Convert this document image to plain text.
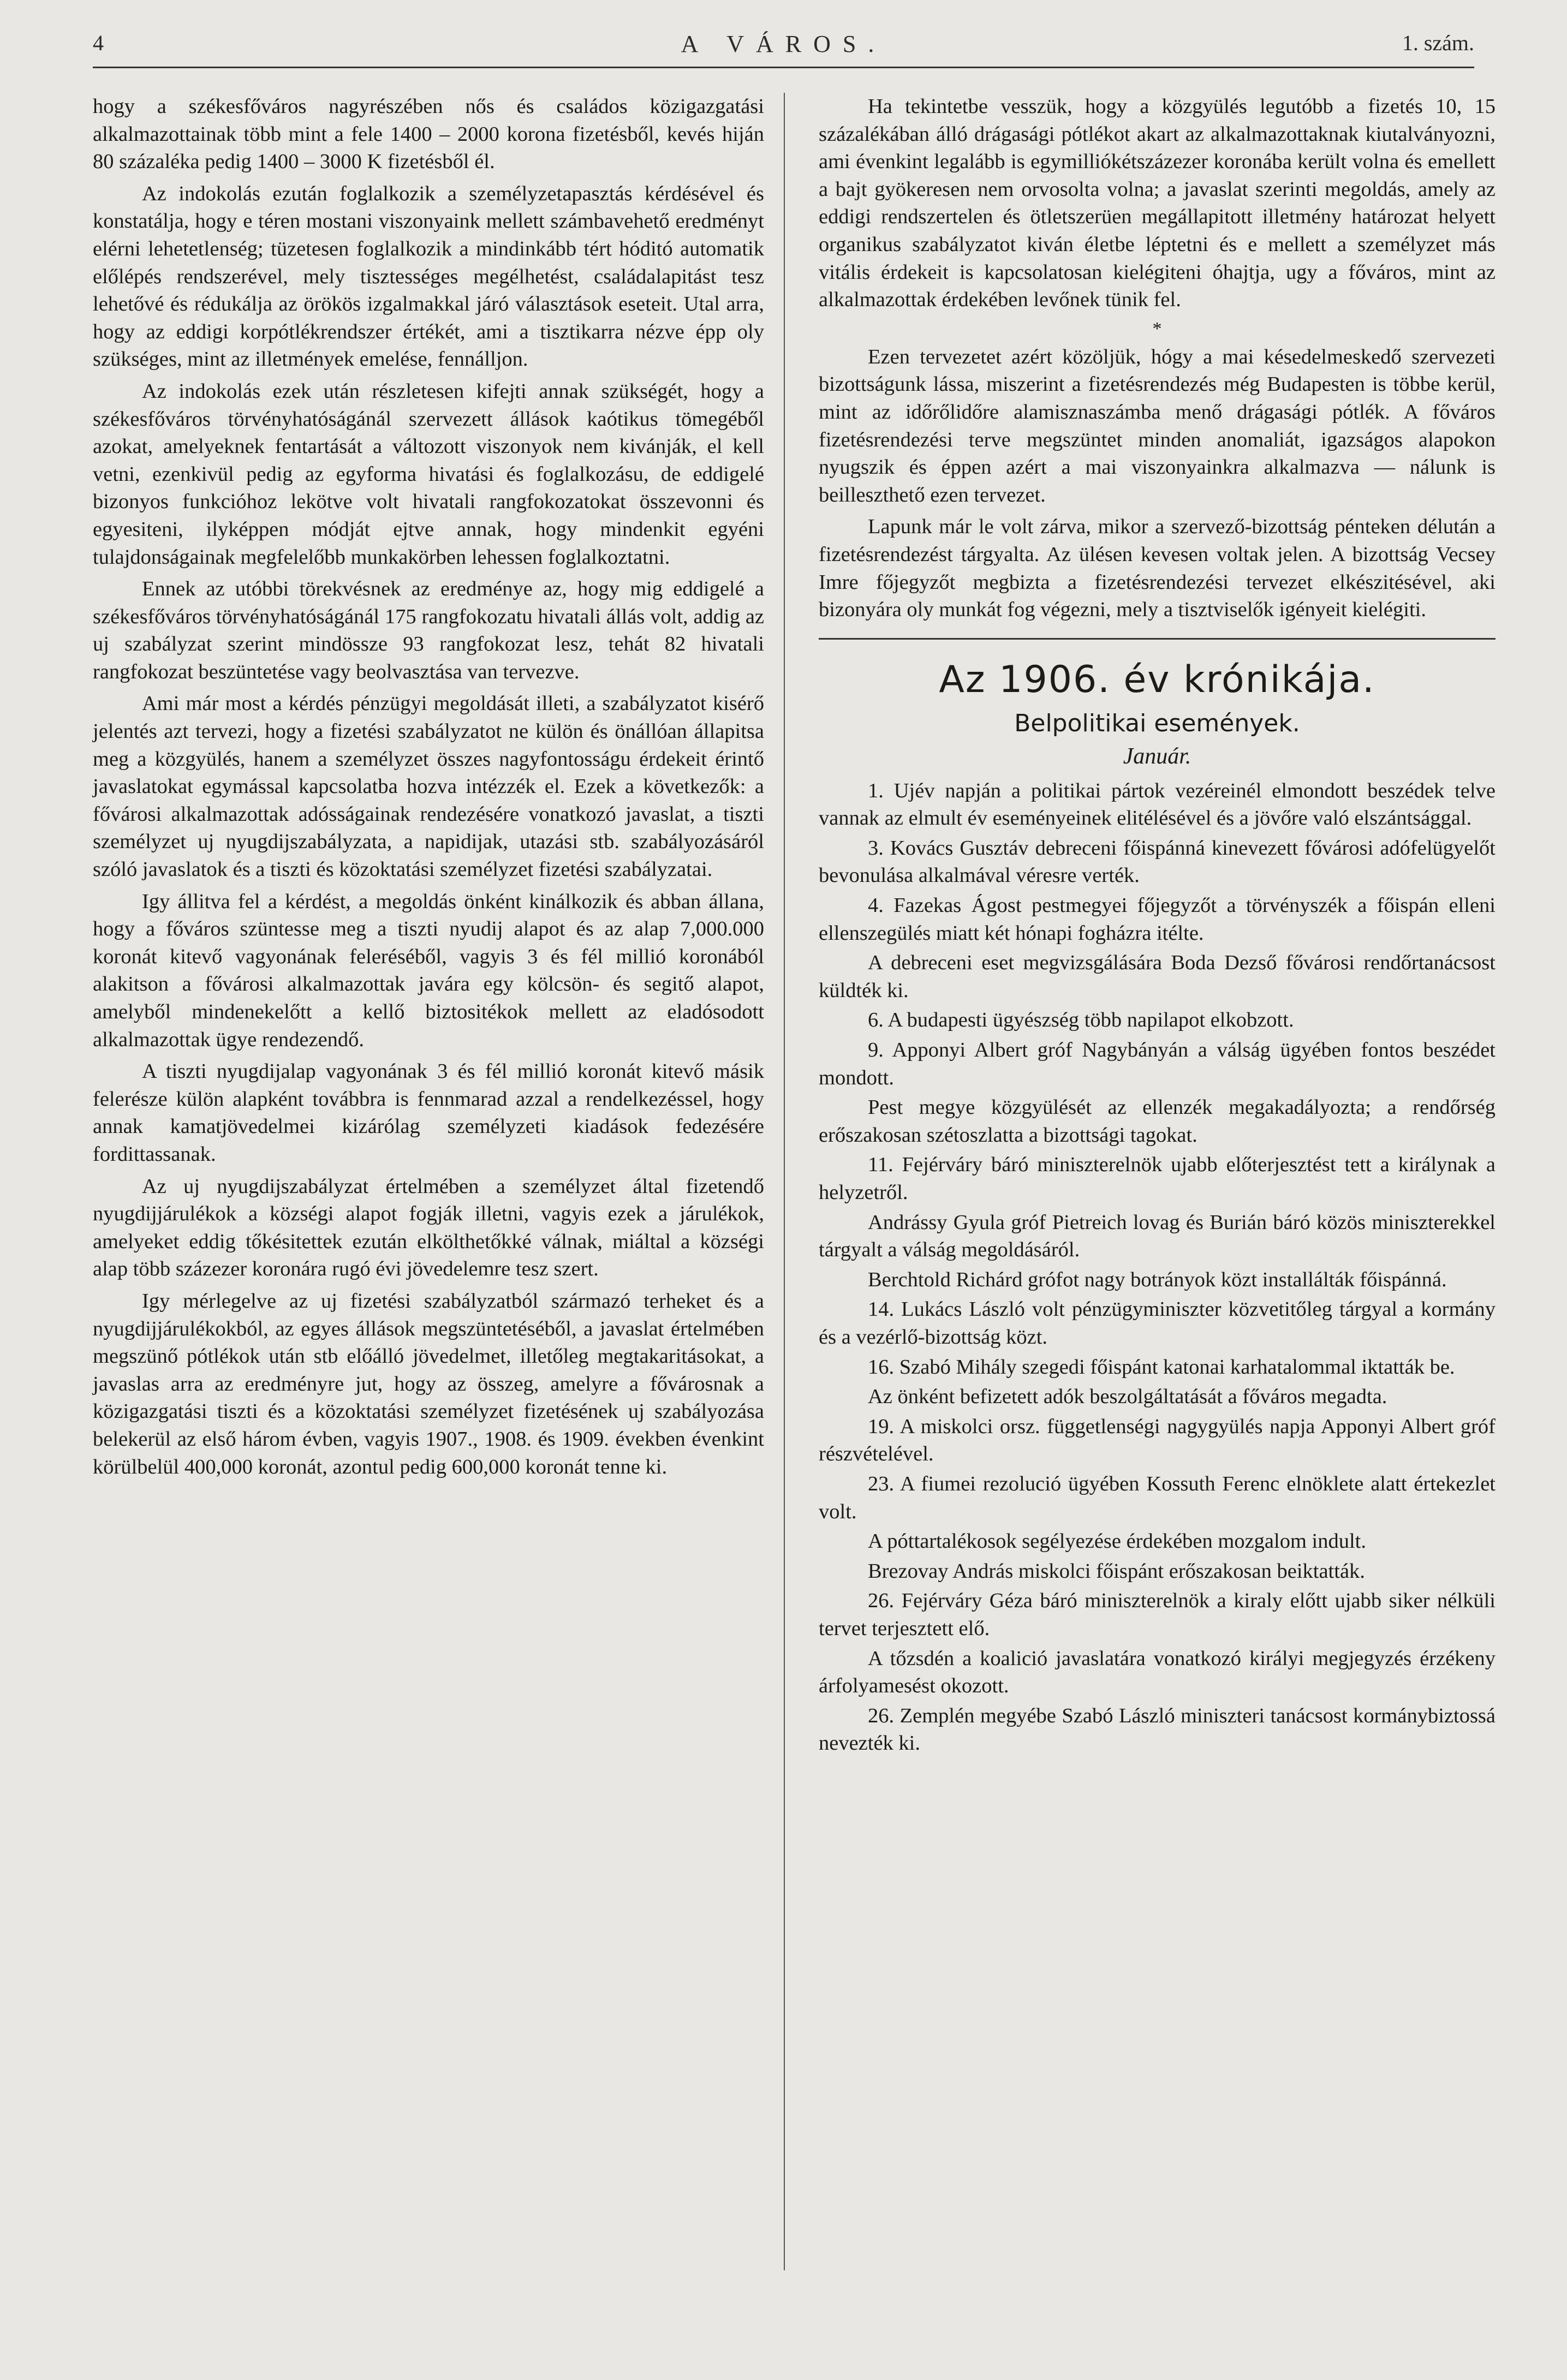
4	A VÁROS.	1. szám.

hogy a székesfőváros nagyrészében nős és családos közigazgatási alkalmazottainak több mint a fele 1400 – 2000 korona fizetésből, kevés hiján 80 százaléka pedig 1400 – 3000 K fizetésből él.

Az indokolás ezután foglalkozik a személyzetapasztás kérdésével és konstatálja, hogy e téren mostani viszonyaink mellett számbavehető eredményt elérni lehetetlenség; tüzetesen foglalkozik a mindinkább tért hóditó automatik előlépés rendszerével, mely tisztességes megélhetést, családalapitást tesz lehetővé és rédukálja az örökös izgalmakkal járó választások eseteit. Utal arra, hogy az eddigi korpótlékrendszer értékét, ami a tisztikarra nézve épp oly szükséges, mint az illetmények emelése, fennálljon.

Az indokolás ezek után részletesen kifejti annak szükségét, hogy a székesfőváros törvényhatóságánál szervezett állások kaótikus tömegéből azokat, amelyeknek fentartását a változott viszonyok nem kivánják, el kell vetni, ezenkivül pedig az egyforma hivatási és foglalkozásu, de eddigelé bizonyos funkcióhoz lekötve volt hivatali rangfokozatokat összevonni és egyesiteni, ilyképpen módját ejtve annak, hogy mindenkit egyéni tulajdonságainak megfelelőbb munkakörben lehessen foglalkoztatni.

Ennek az utóbbi törekvésnek az eredménye az, hogy mig eddigelé a székesfőváros törvényhatóságánál 175 rangfokozatu hivatali állás volt, addig az uj szabályzat szerint mindössze 93 rangfokozat lesz, tehát 82 hivatali rangfokozat beszüntetése vagy beolvasztása van tervezve.

Ami már most a kérdés pénzügyi megoldását illeti, a szabályzatot kisérő jelentés azt tervezi, hogy a fizetési szabályzatot ne külön és önállóan állapitsa meg a közgyülés, hanem a személyzet összes nagyfontosságu érdekeit érintő javaslatokat egymással kapcsolatba hozva intézzék el. Ezek a következők: a fővárosi alkalmazottak adósságainak rendezésére vonatkozó javaslat, a tiszti személyzet uj nyugdijszabályzata, a napidijak, utazási stb. szabályozásáról szóló javaslatok és a tiszti és közoktatási személyzet fizetési szabályzatai.

Igy állitva fel a kérdést, a megoldás önként kinálkozik és abban állana, hogy a főváros szüntesse meg a tiszti nyudij alapot és az alap 7,000.000 koronát kitevő vagyonának feleréséből, vagyis 3 és fél millió koronából alakitson a fővárosi alkalmazottak javára egy kölcsön- és segitő alapot, amelyből mindenekelőtt a kellő biztositékok mellett az eladósodott alkalmazottak ügye rendezendő.

A tiszti nyugdijalap vagyonának 3 és fél millió koronát kitevő másik felerésze külön alapként továbbra is fennmarad azzal a rendelkezéssel, hogy annak kamatjövedelmei kizárólag személyzeti kiadások fedezésére fordittassanak.

Az uj nyugdijszabályzat értelmében a személyzet által fizetendő nyugdijjárulékok a községi alapot fogják illetni, vagyis ezek a járulékok, amelyeket eddig tőkésitettek ezután elkölthetőkké válnak, miáltal a községi alap több százezer koronára rugó évi jövedelemre tesz szert.

Igy mérlegelve az uj fizetési szabályzatból származó terheket és a nyugdijjárulékokból, az egyes állások megszüntetéséből, a javaslat értelmében megszünő pótlékok után stb előálló jövedelmet, illetőleg megtakaritásokat, a javaslas arra az eredményre jut, hogy az összeg, amelyre a fővárosnak a közigazgatási tiszti és a közoktatási személyzet fizetésének uj szabályozása belekerül az első három évben, vagyis 1907., 1908. és 1909. években évenkint körülbelül 400,000 koronát, azontul pedig 600,000 koronát tenne ki.

Ha tekintetbe vesszük, hogy a közgyülés legutóbb a fizetés 10, 15 százalékában álló drágasági pótlékot akart az alkalmazottaknak kiutalványozni, ami évenkint legalább is egymilliókétszázezer koronába került volna és emellett a bajt gyökeresen nem orvosolta volna; a javaslat szerinti megoldás, amely az eddigi rendszertelen és ötletszerüen megállapitott illetmény határozat helyett organikus szabályzatot kiván életbe léptetni és e mellett a személyzet más vitális érdekeit is kapcsolatosan kielégiteni óhajtja, ugy a főváros, mint az alkalmazottak érdekében levőnek tünik fel.

*

Ezen tervezetet azért közöljük, hógy a mai késedelmeskedő szervezeti bizottságunk lássa, miszerint a fizetésrendezés még Budapesten is többe kerül, mint az időrőlidőre alamisznaszámba menő drágasági pótlék. A főváros fizetésrendezési terve megszüntet minden anomaliát, igazságos alapokon nyugszik és éppen azért a mai viszonyainkra alkalmazva — nálunk is beilleszthető ezen tervezet.

Lapunk már le volt zárva, mikor a szervező-bizottság pénteken délután a fizetésrendezést tárgyalta. Az ülésen kevesen voltak jelen. A bizottság Vecsey Imre főjegyzőt megbizta a fizetésrendezési tervezet elkészitésével, aki bizonyára oly munkát fog végezni, mely a tisztviselők igényeit kielégiti.

Az 1906. év krónikája.
Belpolitikai események.
Január.

1. Ujév napján a politikai pártok vezéreinél elmondott beszédek telve vannak az elmult év eseményeinek elitélésével és a jövőre való elszántsággal.

3. Kovács Gusztáv debreceni főispánná kinevezett fővárosi adófelügyelőt bevonulása alkalmával véresre verték.

4. Fazekas Ágost pestmegyei főjegyzőt a törvényszék a főispán elleni ellenszegülés miatt két hónapi fogházra itélte.

A debreceni eset megvizsgálására Boda Dezső fővárosi rendőrtanácsost küldték ki.

6. A budapesti ügyészség több napilapot elkobzott.

9. Apponyi Albert gróf Nagybányán a válság ügyében fontos beszédet mondott.

Pest megye közgyülését az ellenzék megakadályozta; a rendőrség erőszakosan szétoszlatta a bizottsági tagokat.

11. Fejérváry báró miniszterelnök ujabb előterjesztést tett a királynak a helyzetről.

Andrássy Gyula gróf Pietreich lovag és Burián báró közös miniszterekkel tárgyalt a válság megoldásáról.

Berchtold Richárd grófot nagy botrányok közt installálták főispánná.

14. Lukács László volt pénzügyminiszter közvetitőleg tárgyal a kormány és a vezérlő-bizottság közt.

16. Szabó Mihály szegedi főispánt katonai karhatalommal iktatták be.

Az önként befizetett adók beszolgáltatását a főváros megadta.

19. A miskolci orsz. függetlenségi nagygyülés napja Apponyi Albert gróf részvételével.

23. A fiumei rezolució ügyében Kossuth Ferenc elnöklete alatt értekezlet volt.

A póttartalékosok segélyezése érdekében mozgalom indult.

Brezovay András miskolci főispánt erőszakosan beiktatták.

26. Fejérváry Géza báró miniszterelnök a kiraly előtt ujabb siker nélküli tervet terjesztett elő.

A tőzsdén a koalició javaslatára vonatkozó királyi megjegyzés érzékeny árfolyamesést okozott.

26. Zemplén megyébe Szabó László miniszteri tanácsost kormánybiztossá nevezték ki.
